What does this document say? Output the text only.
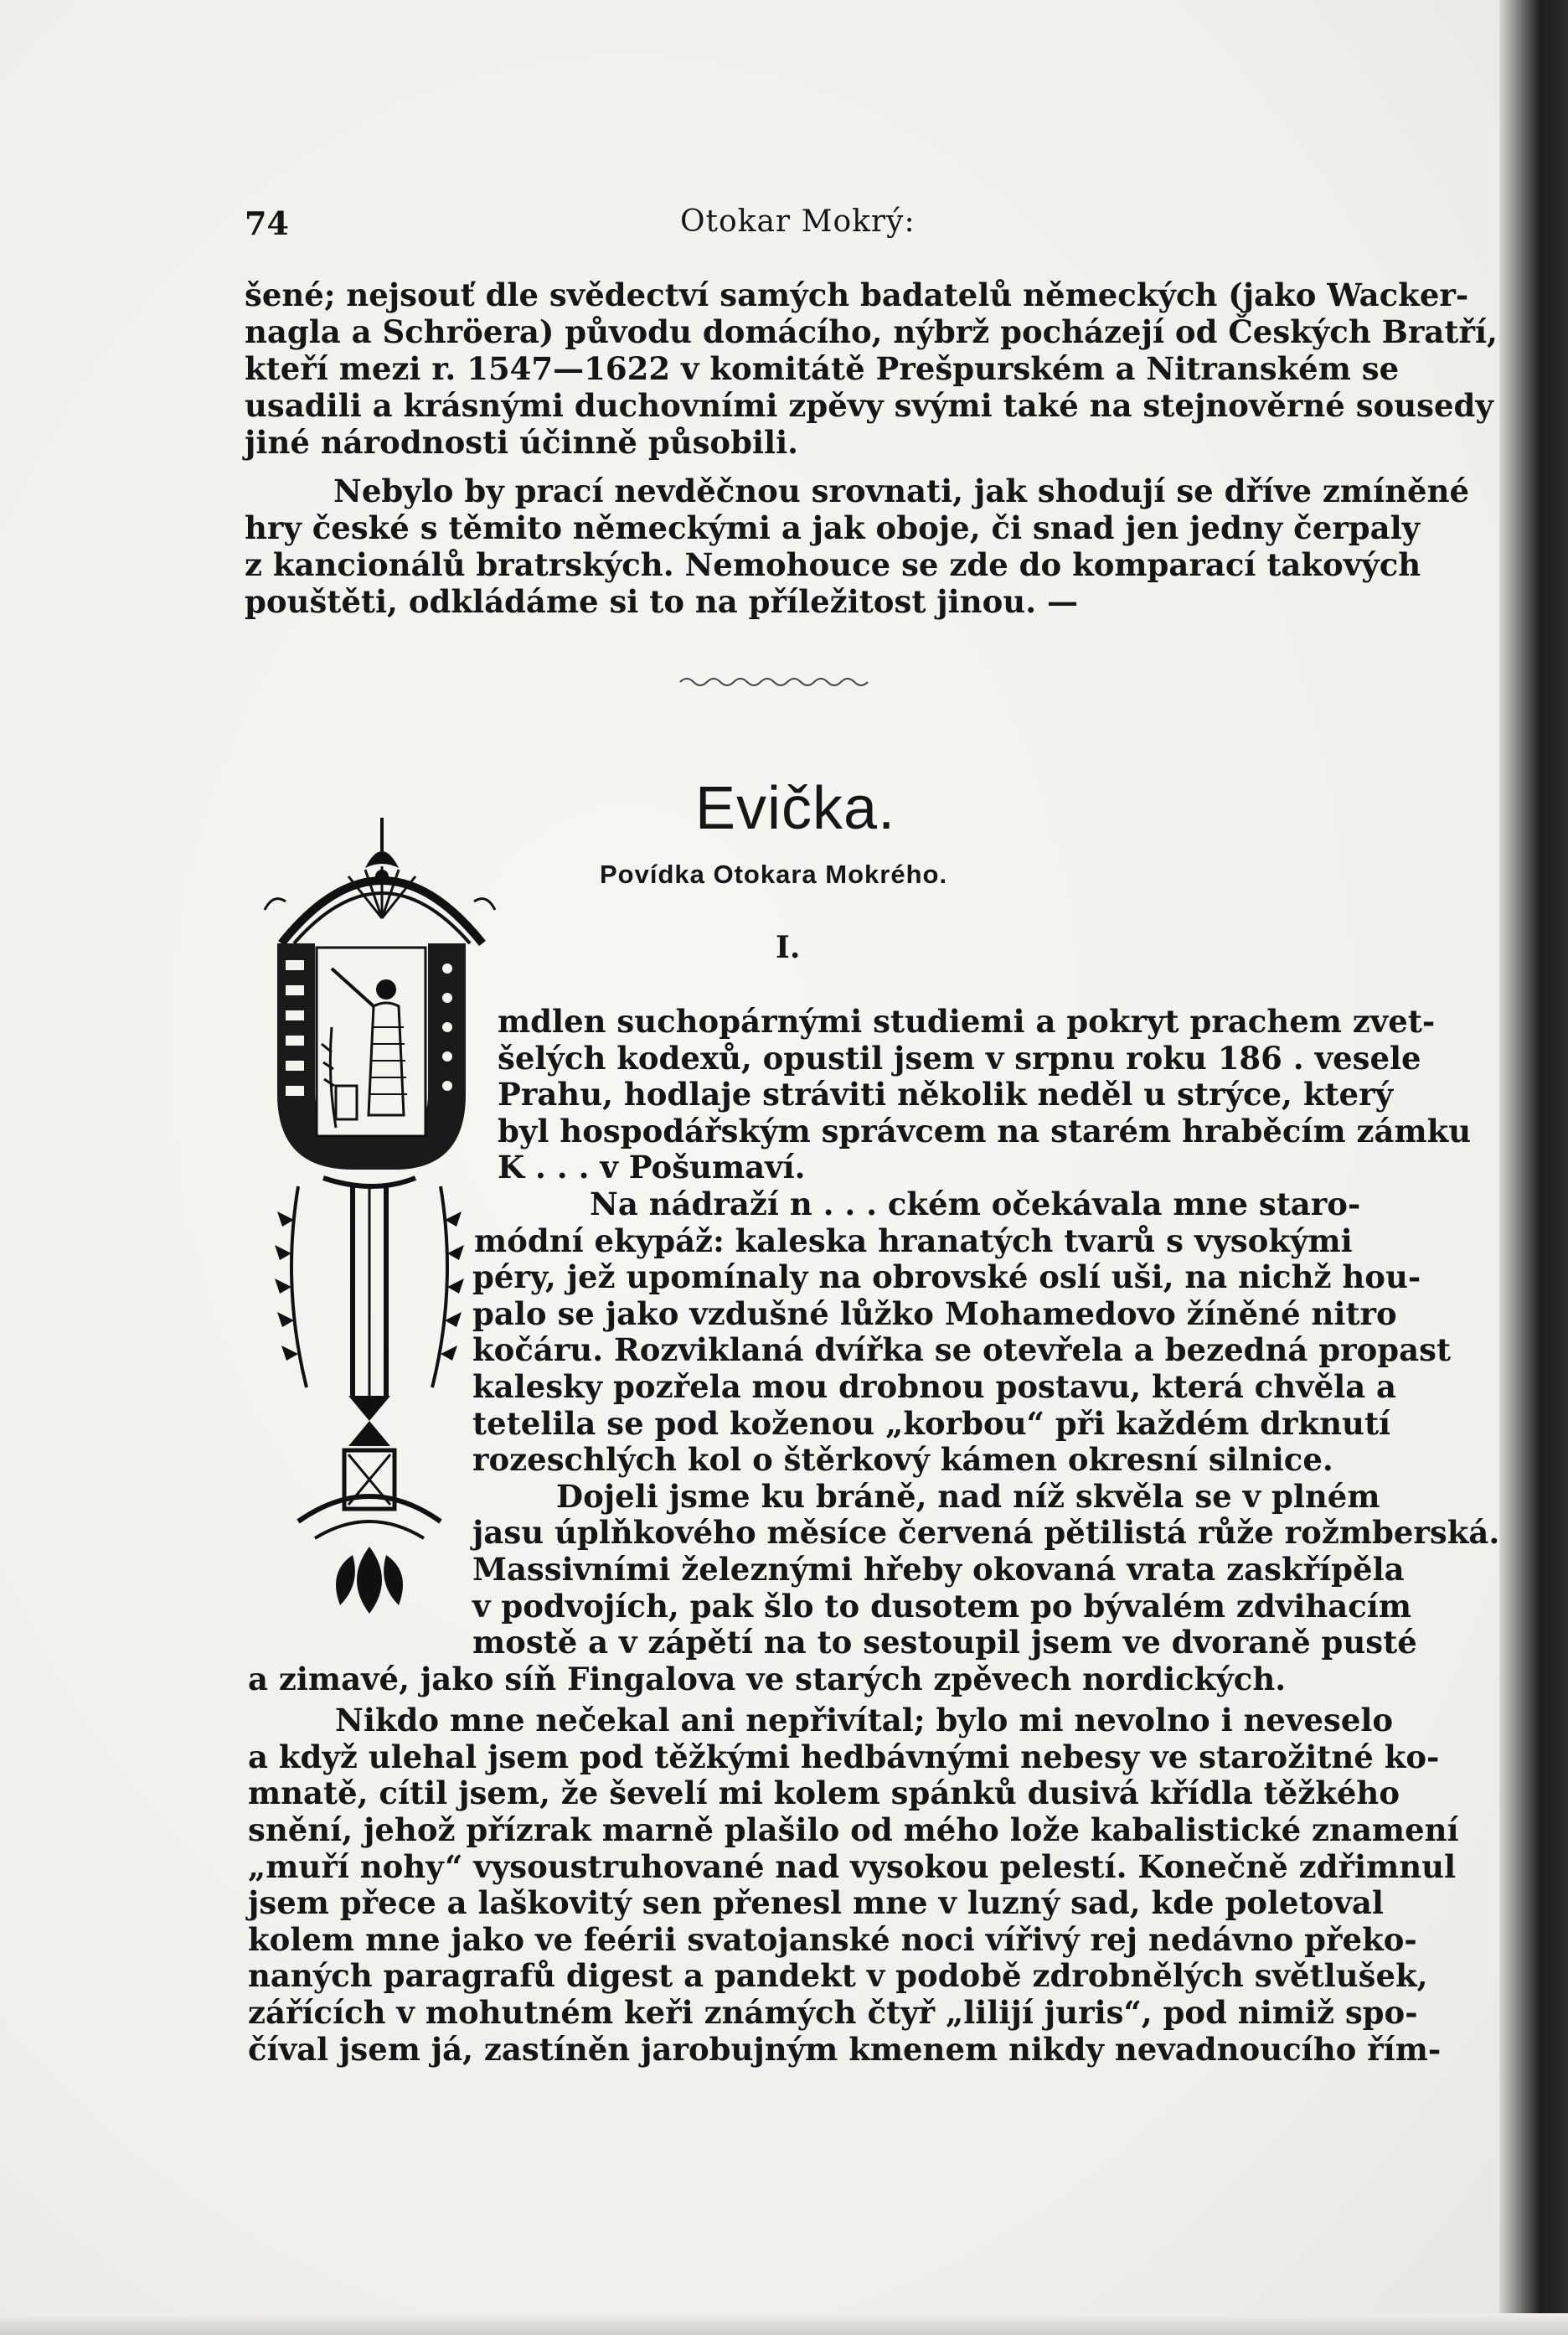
74	Otokar Mokrý:
šené; nejsouť dle svědectví samých badatelů německých (jako Wacker-
nagla a Schröera) původu domácího, nýbrž pocházejí od Českých Bratří,
kteří mezi r. 1547—1622 v komitátě Prešpurském a Nitranském se
usadili a krásnými duchovními zpěvy svými také na stejnověrné sousedy
jiné národnosti účinně působili.
Nebylo by prací nevděčnou srovnati, jak shodují se dříve zmíněné
hry české s těmito německými a jak oboje, či snad jen jedny čerpaly
z kancionálů bratrských. Nemohouce se zde do komparací takových
pouštěti, odkládáme si to na příležitost jinou. —
Evička.
Povídka Otokara Mokrého.
I.
mdlen suchopárnými studiemi a pokryt prachem zvet-
šelých kodexů, opustil jsem v srpnu roku 186 . vesele
Prahu, hodlaje stráviti několik neděl u strýce, který
byl hospodářským správcem na starém hraběcím zámku
K . . . v Pošumaví.
Na nádraží n . . . ckém očekávala mne staro-
módní ekypáž: kaleska hranatých tvarů s vysokými
péry, jež upomínaly na obrovské oslí uši, na nichž hou-
palo se jako vzdušné lůžko Mohamedovo žíněné nitro
kočáru. Rozviklaná dvířka se otevřela a bezedná propast
kalesky pozřela mou drobnou postavu, která chvěla a
tetelila se pod koženou „korbou“ při každém drknutí
rozeschlých kol o štěrkový kámen okresní silnice.
Dojeli jsme ku bráně, nad níž skvěla se v plném
jasu úplňkového měsíce červená pětilistá růže rožmberská.
Massivními železnými hřeby okovaná vrata zaskřípěla
v podvojích, pak šlo to dusotem po bývalém zdvihacím
mostě a v zápětí na to sestoupil jsem ve dvoraně pusté
a zimavé, jako síň Fingalova ve starých zpěvech nordických.
Nikdo mne nečekal ani nepřivítal; bylo mi nevolno i neveselo
a když ulehal jsem pod těžkými hedbávnými nebesy ve starožitné ko-
mnatě, cítil jsem, že ševelí mi kolem spánků dusivá křídla těžkého
snění, jehož přízrak marně plašilo od mého lože kabalistické znamení
„muří nohy“ vysoustruhované nad vysokou pelestí. Konečně zdřimnul
jsem přece a laškovitý sen přenesl mne v luzný sad, kde poletoval
kolem mne jako ve feérii svatojanské noci vířivý rej nedávno překo-
naných paragrafů digest a pandekt v podobě zdrobnělých světlušek,
zářících v mohutném keři známých čtyř „lilijí juris“, pod nimiž spo-
číval jsem já, zastíněn jarobujným kmenem nikdy nevadnoucího řím-
